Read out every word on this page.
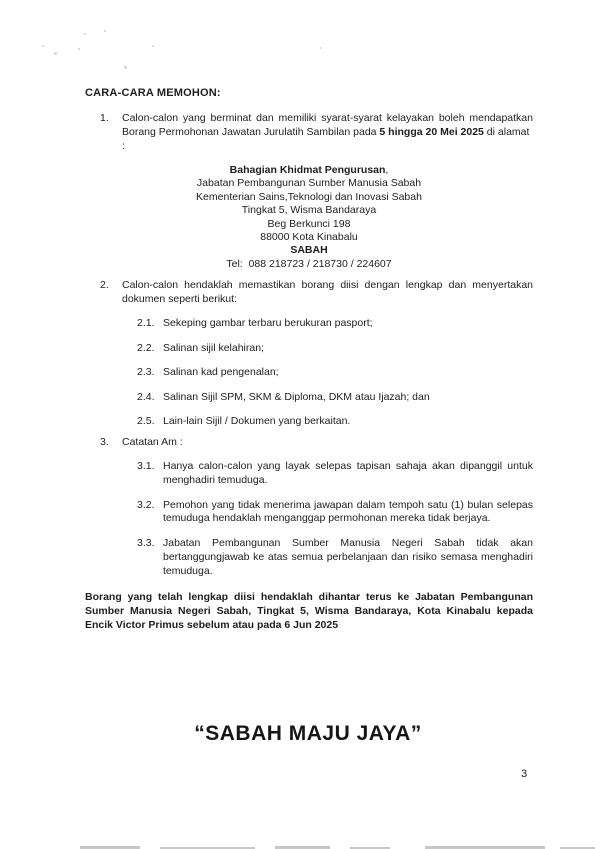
CARA-CARA MEMOHON:
1.	Calon-calon yang berminat dan memiliki syarat-syarat kelayakan boleh mendapatkan Borang Permohonan Jawatan Jurulatih Sambilan pada 5 hingga 20 Mei 2025 di alamat
:
Bahagian Khidmat Pengurusan,
Jabatan Pembangunan Sumber Manusia Sabah
Kementerian Sains,Teknologi dan Inovasi Sabah
Tingkat 5, Wisma Bandaraya
Beg Berkunci 198
88000 Kota Kinabalu
SABAH
Tel:  088 218723 / 218730 / 224607
2.	Calon-calon hendaklah memastikan borang diisi dengan lengkap dan menyertakan dokumen seperti berikut:
2.1. Sekeping gambar terbaru berukuran pasport;
2.2. Salinan sijil kelahiran;
2.3. Salinan kad pengenalan;
2.4. Salinan Sijil SPM, SKM & Diploma, DKM atau Ijazah; dan
2.5. Lain-lain Sijil / Dokumen yang berkaitan.
3.	Catatan Am :
3.1. Hanya calon-calon yang layak selepas tapisan sahaja akan dipanggil untuk menghadiri temuduga.
3.2. Pemohon yang tidak menerima jawapan dalam tempoh satu (1) bulan selepas temuduga hendaklah menganggap permohonan mereka tidak berjaya.
3.3. Jabatan Pembangunan Sumber Manusia Negeri Sabah tidak akan bertanggungjawab ke atas semua perbelanjaan dan risiko semasa menghadiri temuduga.
Borang yang telah lengkap diisi hendaklah dihantar terus ke Jabatan Pembangunan Sumber Manusia Negeri Sabah, Tingkat 5, Wisma Bandaraya, Kota Kinabalu kepada Encik Victor Primus sebelum atau pada 6 Jun 2025
“SABAH MAJU JAYA”
3
